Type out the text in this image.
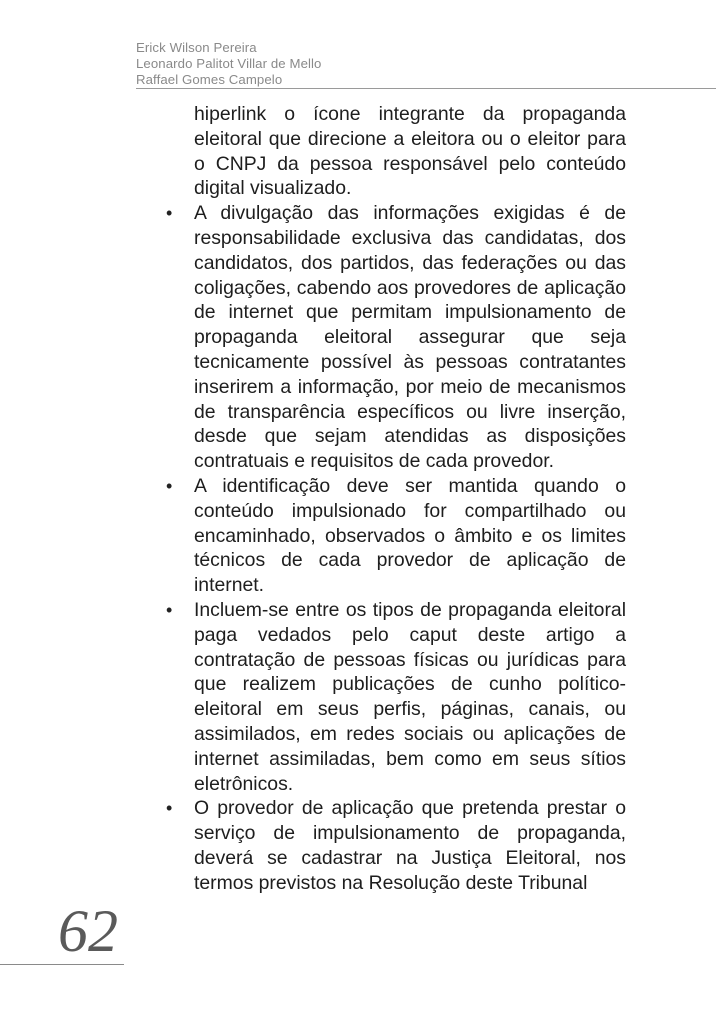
Erick Wilson Pereira
Leonardo Palitot Villar de Mello
Raffael Gomes Campelo

hiperlink o ícone integrante da propaganda eleitoral que direcione a eleitora ou o eleitor para o CNPJ da pessoa responsável pelo conteúdo digital visualizado.

• A divulgação das informações exigidas é de responsabilidade exclusiva das candidatas, dos candidatos, dos partidos, das federações ou das coligações, cabendo aos provedores de aplicação de internet que permitam impulsionamento de propaganda eleitoral assegurar que seja tecnicamente possível às pessoas contratantes inserirem a informação, por meio de mecanismos de transparência específicos ou livre inserção, desde que sejam atendidas as disposições contratuais e requisitos de cada provedor.
• A identificação deve ser mantida quando o conteúdo impulsionado for compartilhado ou encaminhado, observados o âmbito e os limites técnicos de cada provedor de aplicação de internet.
• Incluem-se entre os tipos de propaganda eleitoral paga vedados pelo caput deste artigo a contratação de pessoas físicas ou jurídicas para que realizem publicações de cunho político-eleitoral em seus perfis, páginas, canais, ou assimilados, em redes sociais ou aplicações de internet assimiladas, bem como em seus sítios eletrônicos.
• O provedor de aplicação que pretenda prestar o serviço de impulsionamento de propaganda, deverá se cadastrar na Justiça Eleitoral, nos termos previstos na Resolução deste Tribunal
62
